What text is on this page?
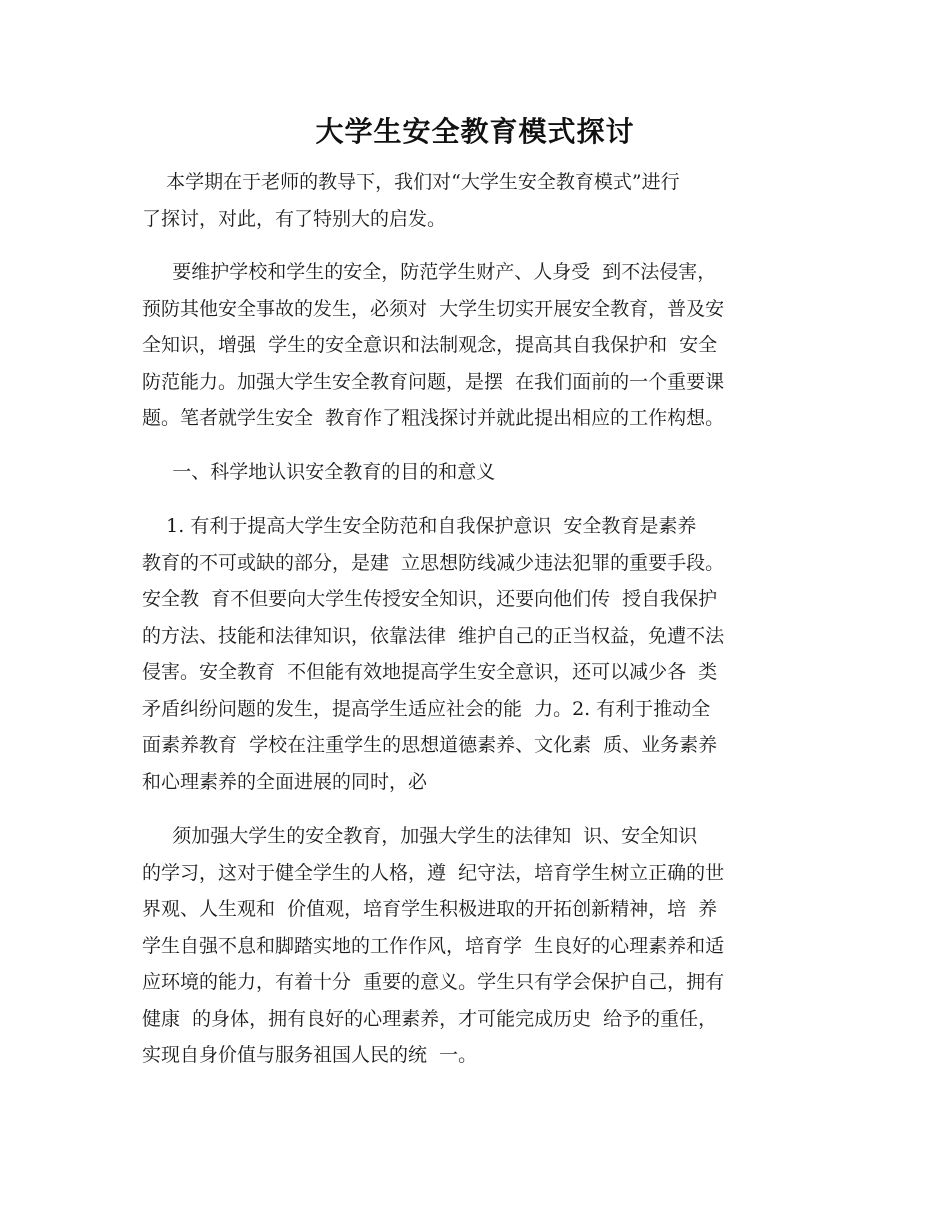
大学生安全教育模式探讨
本学期在于老师的教导下，我们对“大学生安全教育模式”进行
了探讨，对此，有了特别大的启发。
要维护学校和学生的安全，防范学生财产、人身受  到不法侵害，
预防其他安全事故的发生，必须对  大学生切实开展安全教育，普及安
全知识，增强  学生的安全意识和法制观念，提高其自我保护和  安全
防范能力。加强大学生安全教育问题，是摆  在我们面前的一个重要课
题。笔者就学生安全  教育作了粗浅探讨并就此提出相应的工作构想。
一、科学地认识安全教育的目的和意义
1. 有利于提高大学生安全防范和自我保护意识  安全教育是素养
教育的不可或缺的部分，是建  立思想防线减少违法犯罪的重要手段。
安全教  育不但要向大学生传授安全知识，还要向他们传  授自我保护
的方法、技能和法律知识，依靠法律  维护自己的正当权益，免遭不法
侵害。安全教育  不但能有效地提高学生安全意识，还可以减少各  类
矛盾纠纷问题的发生，提高学生适应社会的能  力。2. 有利于推动全
面素养教育  学校在注重学生的思想道德素养、文化素  质、业务素养
和心理素养的全面进展的同时，必
须加强大学生的安全教育，加强大学生的法律知  识、安全知识
的学习，这对于健全学生的人格，遵  纪守法，培育学生树立正确的世
界观、人生观和  价值观，培育学生积极进取的开拓创新精神，培  养
学生自强不息和脚踏实地的工作作风，培育学  生良好的心理素养和适
应环境的能力，有着十分  重要的意义。学生只有学会保护自己，拥有
健康  的身体，拥有良好的心理素养，才可能完成历史  给予的重任，
实现自身价值与服务祖国人民的统  一。
